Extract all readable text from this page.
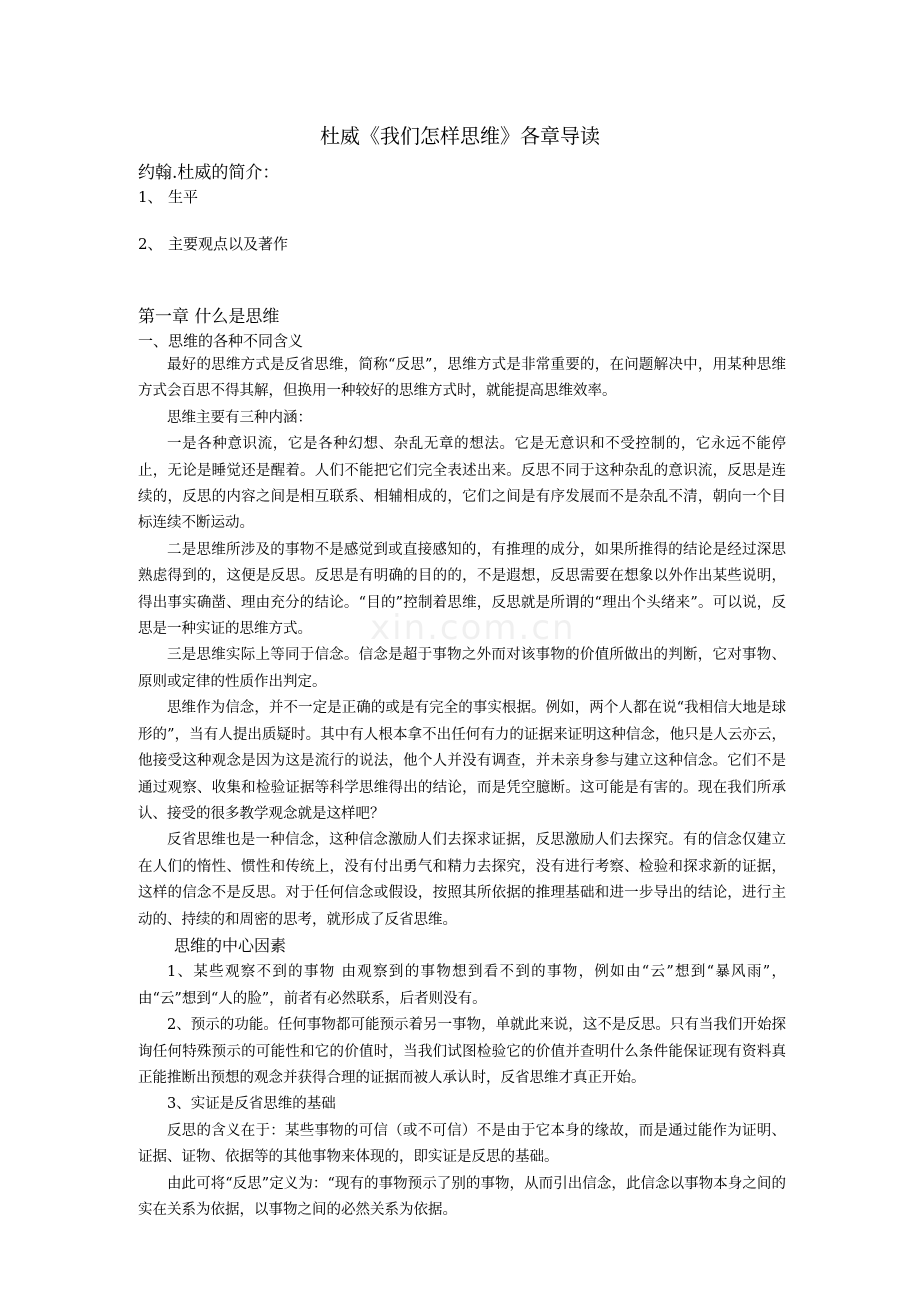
杜威《我们怎样思维》各章导读
约翰.杜威的简介：
1、 生平
2、 主要观点以及著作
第一章 什么是思维
一、思维的各种不同含义

最好的思维方式是反省思维，简称“反思”，思维方式是非常重要的，在问题解决中，用某种思维方式会百思不得其解，但换用一种较好的思维方式时，就能提高思维效率。

思维主要有三种内涵：

一是各种意识流，它是各种幻想、杂乱无章的想法。它是无意识和不受控制的，它永远不能停止，无论是睡觉还是醒着。人们不能把它们完全表述出来。反思不同于这种杂乱的意识流，反思是连续的，反思的内容之间是相互联系、相辅相成的，它们之间是有序发展而不是杂乱不清，朝向一个目标连续不断运动。

二是思维所涉及的事物不是感觉到或直接感知的，有推理的成分，如果所推得的结论是经过深思熟虑得到的，这便是反思。反思是有明确的目的的，不是遐想，反思需要在想象以外作出某些说明，得出事实确凿、理由充分的结论。“目的”控制着思维，反思就是所谓的“理出个头绪来”。可以说，反思是一种实证的思维方式。

三是思维实际上等同于信念。信念是超于事物之外而对该事物的价值所做出的判断，它对事物、原则或定律的性质作出判定。

思维作为信念，并不一定是正确的或是有完全的事实根据。例如，两个人都在说“我相信大地是球形的”，当有人提出质疑时。其中有人根本拿不出任何有力的证据来证明这种信念，他只是人云亦云，他接受这种观念是因为这是流行的说法，他个人并没有调查，并未亲身参与建立这种信念。它们不是通过观察、收集和检验证据等科学思维得出的结论，而是凭空臆断。这可能是有害的。现在我们所承认、接受的很多教学观念就是这样吧？

反省思维也是一种信念，这种信念激励人们去探求证据，反思激励人们去探究。有的信念仅建立在人们的惰性、惯性和传统上，没有付出勇气和精力去探究，没有进行考察、检验和探求新的证据，这样的信念不是反思。对于任何信念或假设，按照其所依据的推理基础和进一步导出的结论，进行主动的、持续的和周密的思考，就形成了反省思维。

思维的中心因素

1、某些观察不到的事物 由观察到的事物想到看不到的事物，例如由“云”想到“暴风雨”，由“云”想到“人的脸”，前者有必然联系，后者则没有。

2、预示的功能。任何事物都可能预示着另一事物，单就此来说，这不是反思。只有当我们开始探询任何特殊预示的可能性和它的价值时，当我们试图检验它的价值并查明什么条件能保证现有资料真正能推断出预想的观念并获得合理的证据而被人承认时，反省思维才真正开始。

3、实证是反省思维的基础

反思的含义在于：某些事物的可信（或不可信）不是由于它本身的缘故，而是通过能作为证明、证据、证物、依据等的其他事物来体现的，即实证是反思的基础。

由此可将“反思”定义为：“现有的事物预示了别的事物，从而引出信念，此信念以事物本身之间的实在关系为依据，以事物之间的必然关系为依据。

xin.com.cn
